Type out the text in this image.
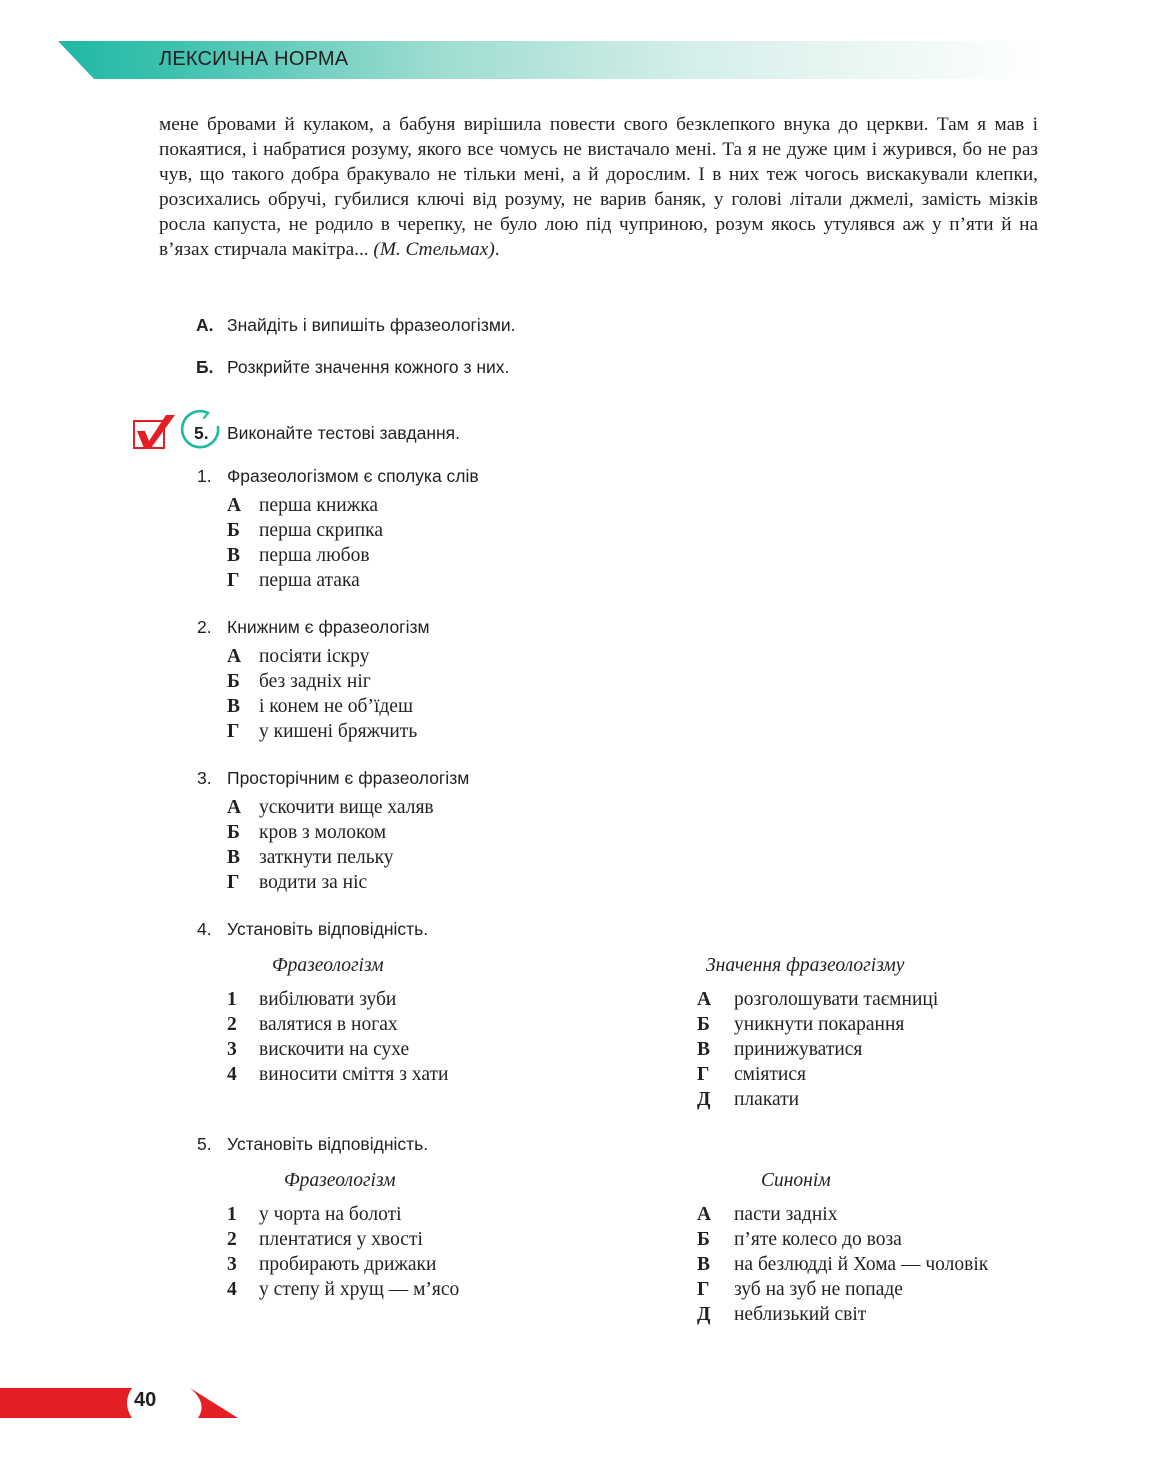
ЛЕКСИЧНА НОРМА

мене бровами й кулаком, а бабуня вирішила повести свого безклепкого внука до церкви. Там я мав і покаятися, і набратися розуму, якого все чомусь не вистачало мені. Та я не дуже цим і журився, бо не раз чув, що такого добра бракувало не тільки мені, а й дорослим. І в них теж чогось вискакували клепки, розсихались обручі, губилися ключі від розуму, не варив баняк, у голові літали джмелі, замість мізків росла капуста, не родило в черепку, не було лою під чуприною, розум якось утулявся аж у п’яти й на в’язах стирчала макітра... (М. Стельмах).

А. Знайдіть і випишіть фразеологізми.
Б. Розкрийте значення кожного з них.
5. Виконайте тестові завдання.
1. Фразеологізмом є сполука слів
А перша книжка
Б перша скрипка
В перша любов
Г перша атака
2. Книжним є фразеологізм
А посіяти іскру
Б без задніх ніг
В і конем не об’їдеш
Г у кишені бряжчить
3. Просторічним є фразеологізм
А ускочити вище халяв
Б кров з молоком
В заткнути пельку
Г водити за ніс
4. Установіть відповідність.
Фразеологізм	Значення фразеологізму
1 вибілювати зуби
2 валятися в ногах
3 вискочити на сухе
4 виносити сміття з хати
А розголошувати таємниці
Б уникнути покарання
В принижуватися
Г сміятися
Д плакати
5. Установіть відповідність.
Фразеологізм	Синонім
1 у чорта на болоті
2 плентатися у хвості
3 пробирають дрижаки
4 у степу й хрущ — м’ясо
А пасти задніх
Б п’яте колесо до воза
В на безлюдді й Хома — чоловік
Г зуб на зуб не попаде
Д неблизький світ
40
